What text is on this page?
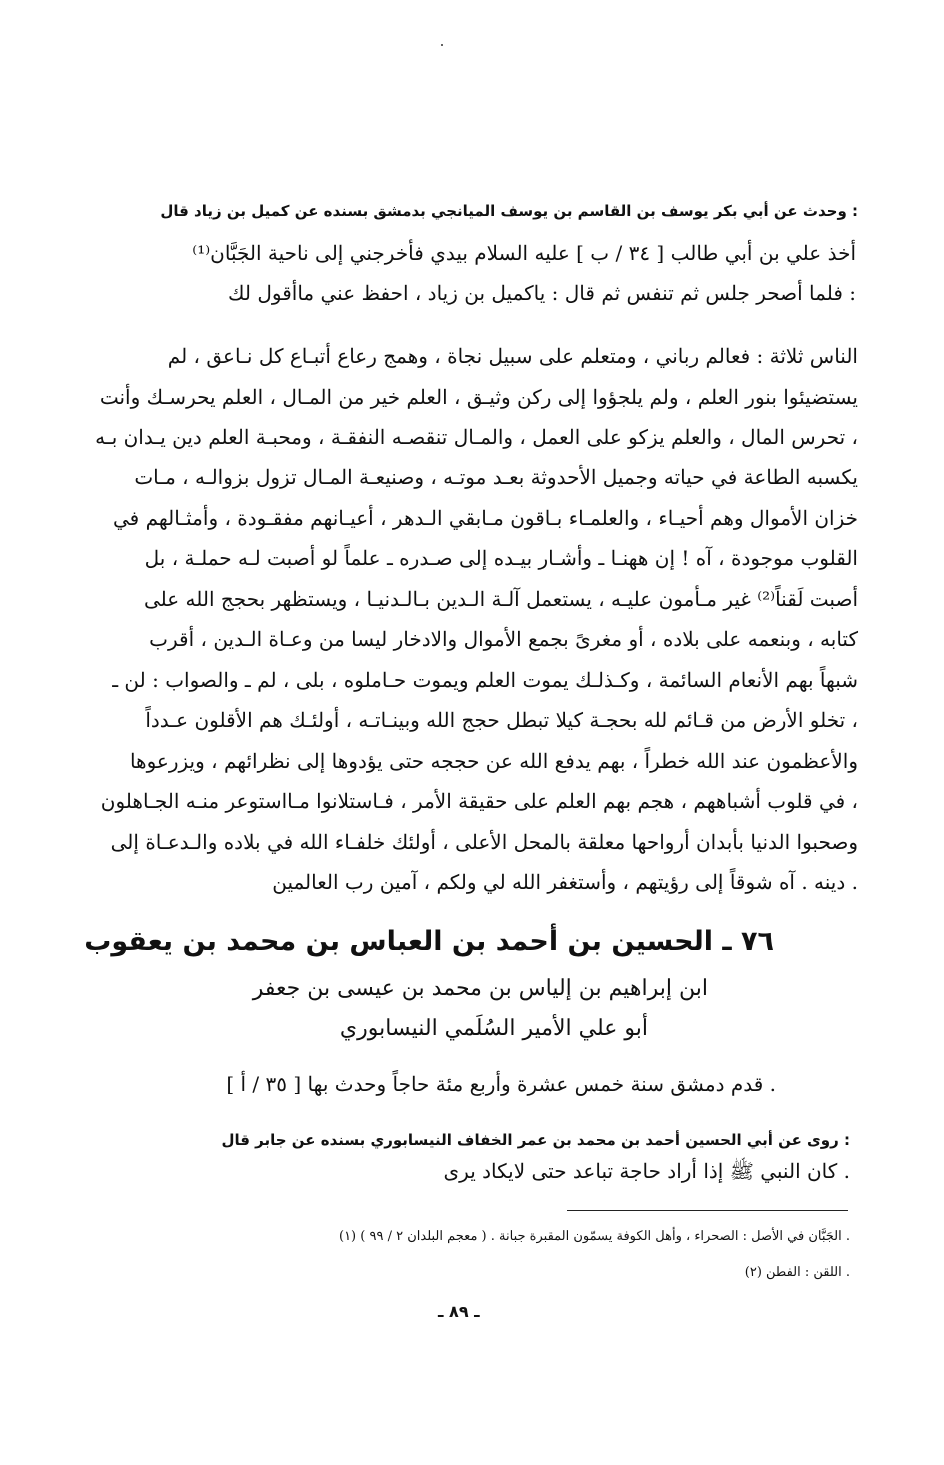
وحدث عن أبي بكر يوسف بن القاسم بن يوسف الميانجي بدمشق بسنده عن كميل بن زياد قال :
أخذ علي بن أبي طالب [ ٣٤ / ب ] عليه السلام بيدي فأخرجني إلى ناحية الجَبَّان⁽¹⁾
فلما أصحر جلس ثم تنفس ثم قال : ياكميل بن زياد ، احفظ عني ماأقول لك :
الناس ثلاثة : فعالم رباني ، ومتعلم على سبيل نجاة ، وهمج رعاع أتبـاع كل نـاعق ، لم
يستضيئوا بنور العلم ، ولم يلجؤوا إلى ركن وثيـق ، العلم خير من المـال ، العلم يحرسـك وأنت
تحرس المال ، والعلم يزكو على العمل ، والمـال تنقصـه النفقـة ، ومحبـة العلم دين يـدان بـه ،
يكسبه الطاعة في حياته وجميل الأحدوثة بعـد موتـه ، وصنيعـة المـال تزول بزوالـه ، مـات
خزان الأموال وهم أحيـاء ، والعلمـاء بـاقون مـابقي الـدهر ، أعيـانهم مفقـودة ، وأمثـالهم في
القلوب موجودة ، آه ! إن ههنـا ـ وأشـار بيـده إلى صـدره ـ علماً لو أصبت لـه حملـة ، بل
أصبت لَقناً⁽²⁾ غير مـأمون عليـه ، يستعمل آلـة الـدين بـالـدنيـا ، ويستظهر بحجج الله على
كتابه ، وبنعمه على بلاده ، أو مغرىً بجمع الأموال والادخار ليسا من وعـاة الـدين ، أقرب
شبهاً بهم الأنعام السائمة ، وكـذلـك يموت العلم ويموت حـاملوه ، بلى ، لم ـ والصواب : لن ـ
تخلو الأرض من قـائم لله بحجـة كيلا تبطل حجج الله وبينـاتـه ، أولئـك هم الأقلون عـدداً ،
والأعظمون عند الله خطراً ، بهم يدفع الله عن حججه حتى يؤدوها إلى نظرائهم ، ويزرعوها
في قلوب أشباههم ، هجم بهم العلم على حقيقة الأمر ، فـاستلانوا مـااستوعر منـه الجـاهلون ،
وصحبوا الدنيا بأبدان أرواحها معلقة بالمحل الأعلى ، أولئك خلفـاء الله في بلاده والـدعـاة إلى
دينه . آه شوقاً إلى رؤيتهم ، وأستغفر الله لي ولكم ، آمين رب العالمين .
٧٦ ـ الحسين بن أحمد بن العباس بن محمد بن يعقوب
ابن إبراهيم بن إلياس بن محمد بن عيسى بن جعفر
أبو علي الأمير السُلَمي النيسابوري
[ ٣٥ / أ ] قدم دمشق سنة خمس عشرة وأربع مئة حاجاً وحدث بها .
روى عن أبي الحسين أحمد بن محمد بن عمر الخفاف النيسابوري بسنده عن جابر قال :
كان النبي ﷺ إذا أراد حاجة تباعد حتى لايكاد يرى .
(١) الجَبَّان في الأصل : الصحراء ، وأهل الكوفة يسمّون المقبرة جبانة . ( معجم البلدان ٢ / ٩٩ ) .
(٢) اللقن : الفطن .
ـ ٨٩ ـ
